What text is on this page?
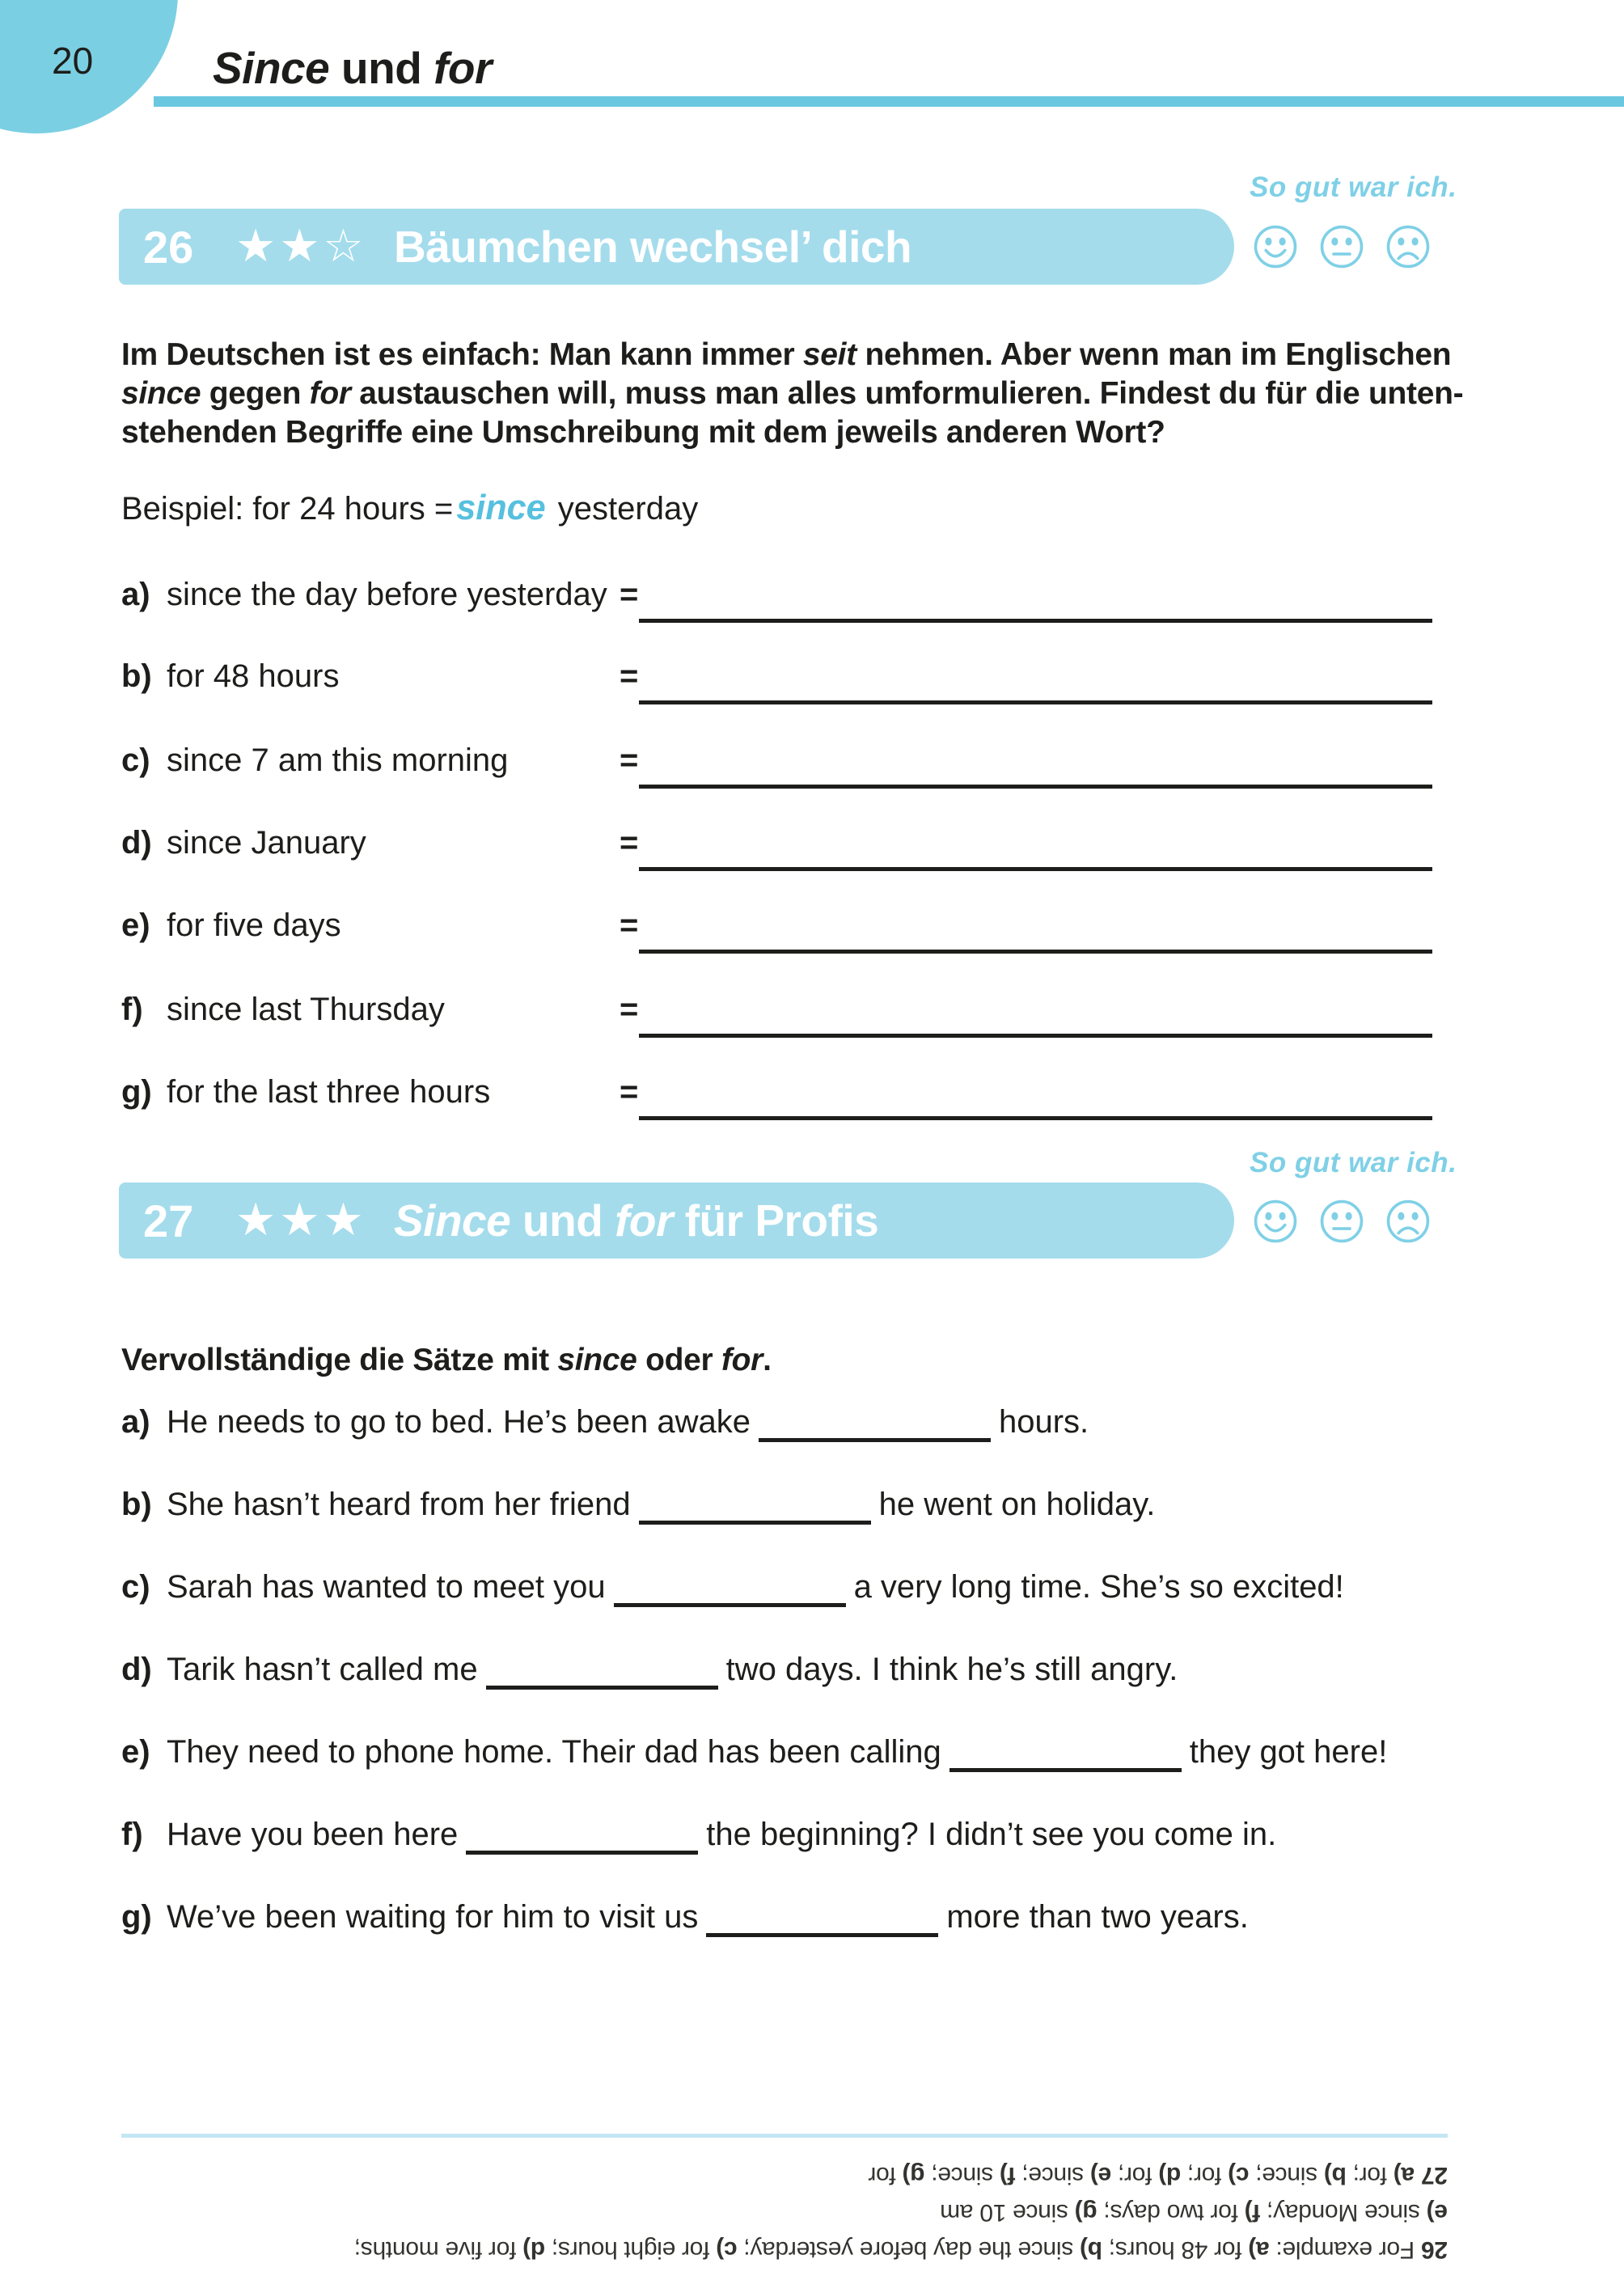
20	Since und for
So gut war ich.
26 ★★☆ Bäumchen wechsel’ dich
Im Deutschen ist es einfach: Man kann immer seit nehmen. Aber wenn man im Englischen
since gegen for austauschen will, muss man alles umformulieren. Findest du für die unten-
stehenden Begriffe eine Umschreibung mit dem jeweils anderen Wort?
Beispiel: for 24 hours =since yesterday
a) since the day before yesterday =
b) for 48 hours	=
c) since 7 am this morning	=
d) since January	=
e) for five days	=
f) since last Thursday	=
g) for the last three hours	=
So gut war ich.
27 ★★★ Since und for für Profis
Vervollständige die Sätze mit since oder for.
a) He needs to go to bed. He’s been awake	hours.
b) She hasn’t heard from her friend	he went on holiday.
c) Sarah has wanted to meet you	a very long time. She’s so excited!
d) Tarik hasn’t called me	two days. I think he’s still angry.
e) They need to phone home. Their dad has been calling	they got here!
f) Have you been here	the beginning? I didn’t see you come in.
g) We’ve been waiting for him to visit us	more than two years.
26 For example: a) for 48 hours; b) since the day before yesterday; c) for eight hours; d) for five months;
e) since Monday; f) for two days; g) since 10 am
27 a) for; b) since; c) for; d) for; e) since; f) since; g) for
